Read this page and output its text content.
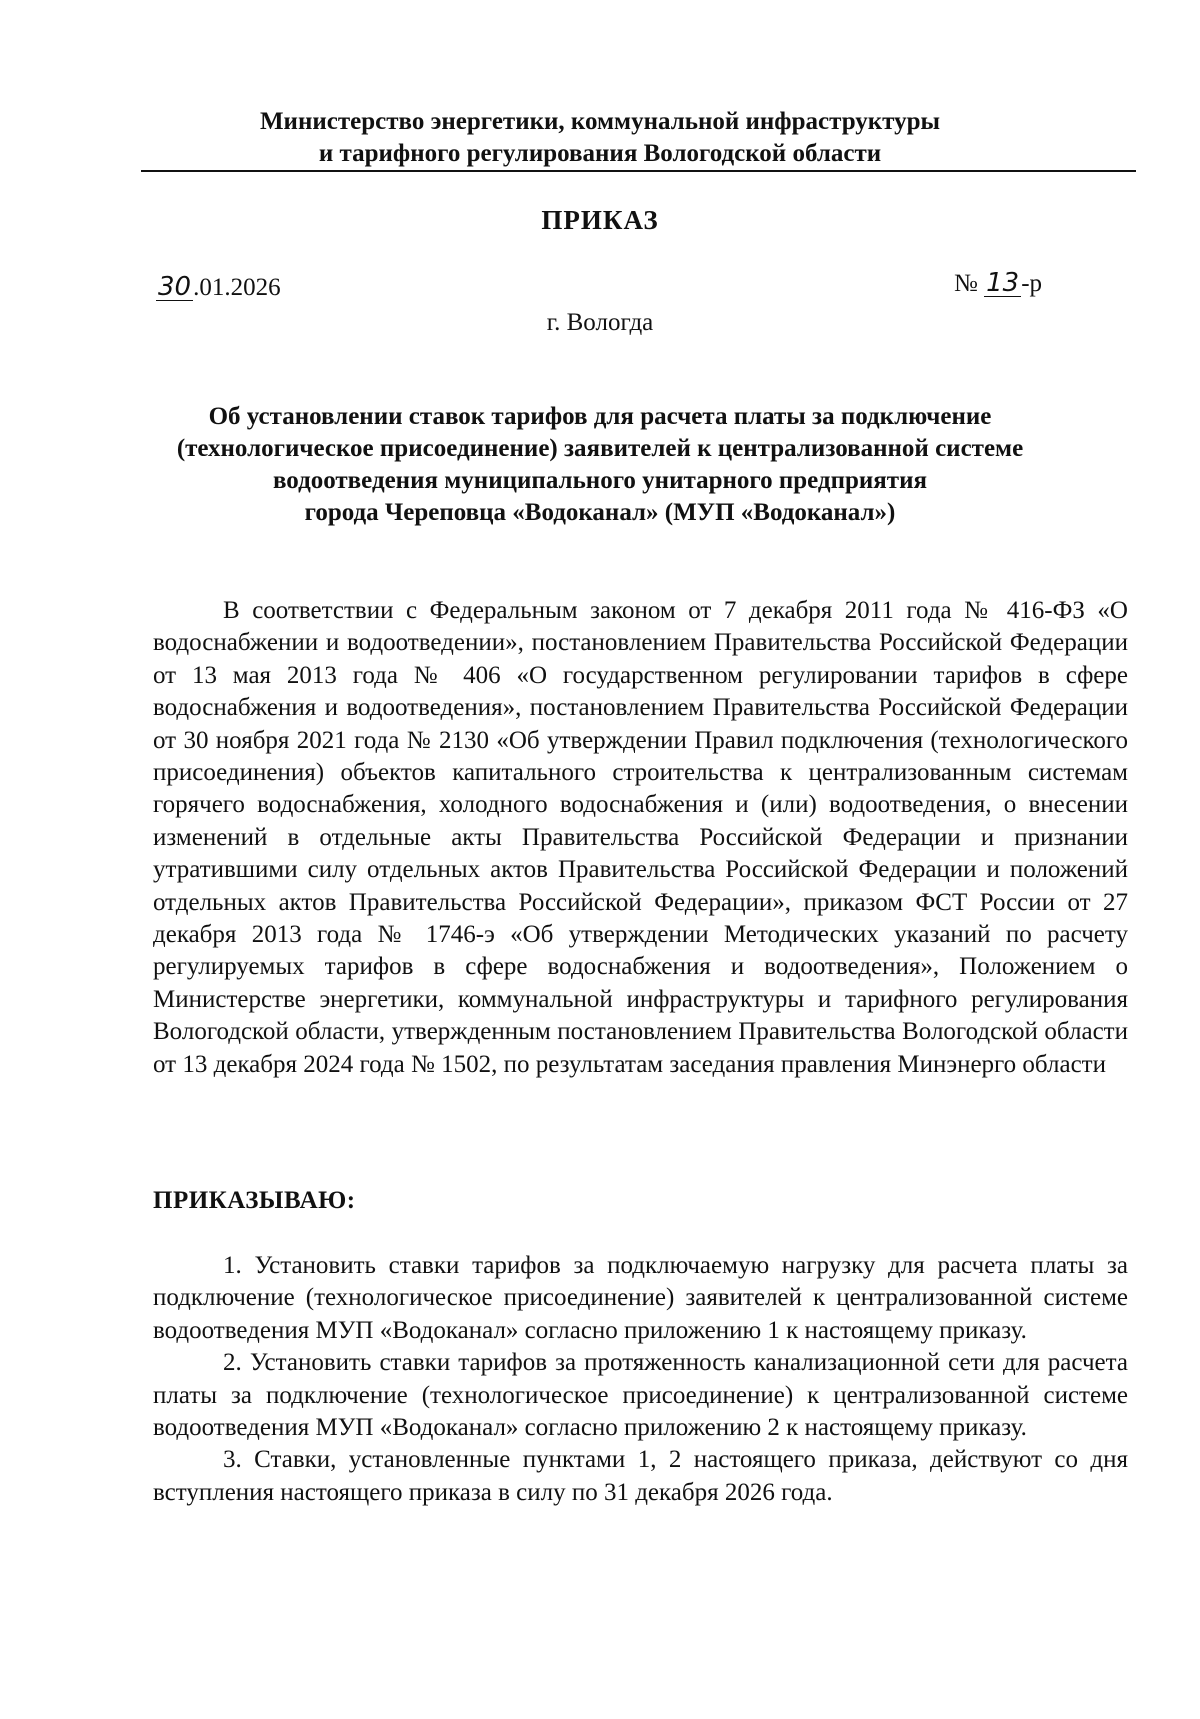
Министерство энергетики, коммунальной инфраструктуры
и тарифного регулирования Вологодской области
ПРИКАЗ
30.01.2026	№ 13-р
г. Вологда
Об установлении ставок тарифов для расчета платы за подключение
(технологическое присоединение) заявителей к централизованной системе
водоотведения муниципального унитарного предприятия
города Череповца «Водоканал» (МУП «Водоканал»)
В соответствии с Федеральным законом от 7 декабря 2011 года № 416-ФЗ «О водоснабжении и водоотведении», постановлением Правительства Российской Федерации от 13 мая 2013 года № 406 «О государственном регулировании тарифов в сфере водоснабжения и водоотведения», постановлением Правительства Российской Федерации от 30 ноября 2021 года № 2130 «Об утверждении Правил подключения (технологического присоединения) объектов капитального строительства к централизованным системам горячего водоснабжения, холодного водоснабжения и (или) водоотведения, о внесении изменений в отдельные акты Правительства Российской Федерации и признании утратившими силу отдельных актов Правительства Российской Федерации и положений отдельных актов Правительства Российской Федерации», приказом ФСТ России от 27 декабря 2013 года № 1746-э «Об утверждении Методических указаний по расчету регулируемых тарифов в сфере водоснабжения и водоотведения», Положением о Министерстве энергетики, коммунальной инфраструктуры и тарифного регулирования Вологодской области, утвержденным постановлением Правительства Вологодской области от 13 декабря 2024 года № 1502, по результатам заседания правления Минэнерго области
ПРИКАЗЫВАЮ:

1. Установить ставки тарифов за подключаемую нагрузку для расчета платы за подключение (технологическое присоединение) заявителей к централизованной системе водоотведения МУП «Водоканал» согласно приложению 1 к настоящему приказу.

2. Установить ставки тарифов за протяженность канализационной сети для расчета платы за подключение (технологическое присоединение) к централизованной системе водоотведения МУП «Водоканал» согласно приложению 2 к настоящему приказу.

3. Ставки, установленные пунктами 1, 2 настоящего приказа, действуют со дня вступления настоящего приказа в силу по 31 декабря 2026 года.
